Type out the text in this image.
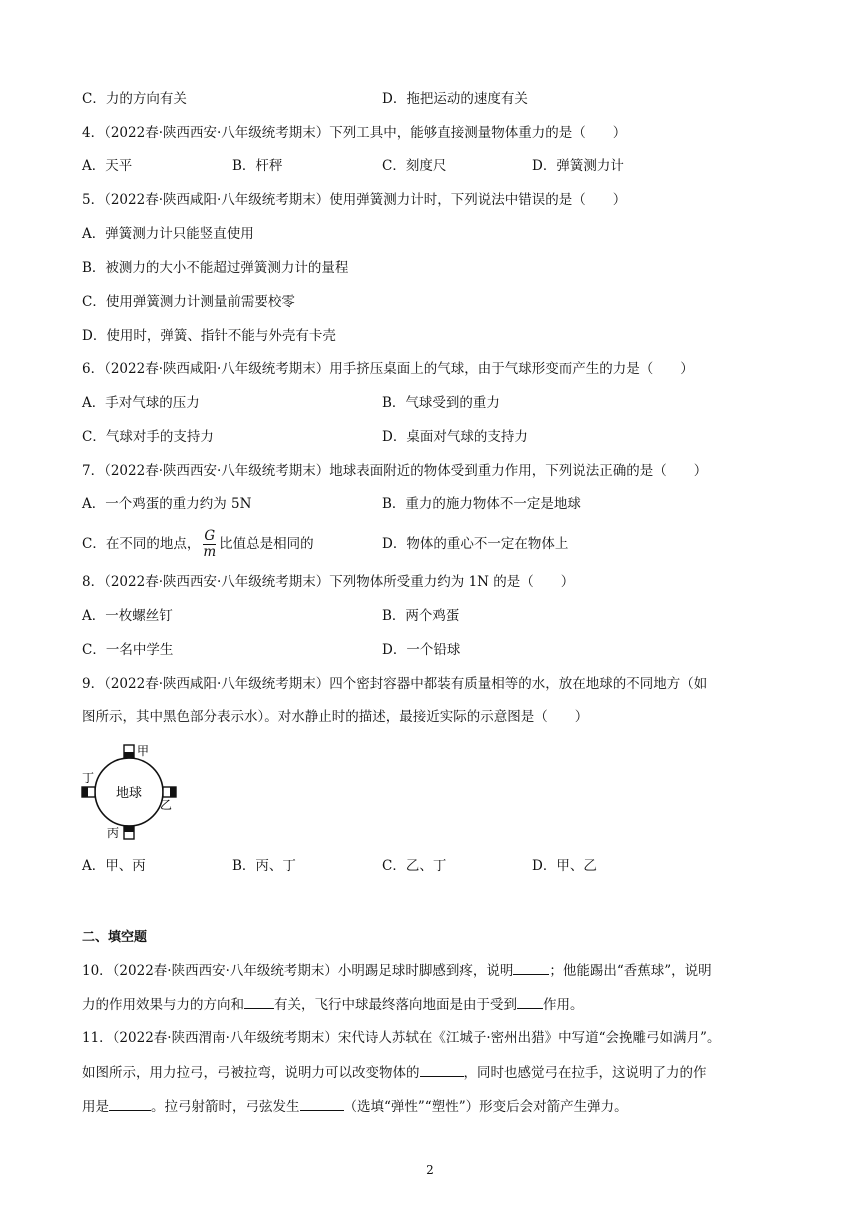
C．力的方向有关	D．拖把运动的速度有关
4．（2022春·陕西西安·八年级统考期末）下列工具中，能够直接测量物体重力的是（　　）
A．天平	B．杆秤	C．刻度尺	D．弹簧测力计
5．（2022春·陕西咸阳·八年级统考期末）使用弹簧测力计时，下列说法中错误的是（　　）
A．弹簧测力计只能竖直使用
B．被测力的大小不能超过弹簧测力计的量程
C．使用弹簧测力计测量前需要校零
D．使用时，弹簧、指针不能与外壳有卡壳
6．（2022春·陕西咸阳·八年级统考期末）用手挤压桌面上的气球，由于气球形变而产生的力是（　　）
A．手对气球的压力	B．气球受到的重力
C．气球对手的支持力	D．桌面对气球的支持力
7．（2022春·陕西西安·八年级统考期末）地球表面附近的物体受到重力作用，下列说法正确的是（　　）
A．一个鸡蛋的重力约为 5N	B．重力的施力物体不一定是地球
C．在不同的地点， $\frac{G}{m}$ 比值总是相同的	D．物体的重心不一定在物体上
8．（2022春·陕西西安·八年级统考期末）下列物体所受重力约为 1N 的是（　　）
A．一枚螺丝钉	B．两个鸡蛋
C．一名中学生	D．一个铅球
9．（2022春·陕西咸阳·八年级统考期末）四个密封容器中都装有质量相等的水，放在地球的不同地方（如
图所示，其中黑色部分表示水）。对水静止时的描述，最接近实际的示意图是（　　）
地球
甲
乙
丙
丁
A．甲、丙	B．丙、丁	C．乙、丁	D．甲、乙
二、填空题
10．（2022春·陕西西安·八年级统考期末）小明踢足球时脚感到疼，说明	；他能踢出“香蕉球”，说明
力的作用效果与力的方向和 有关，飞行中球最终落向地面是由于受到 作用。
11．（2022春·陕西渭南·八年级统考期末）宋代诗人苏轼在《江城子·密州出猎》中写道“会挽雕弓如满月”。
如图所示，用力拉弓，弓被拉弯，说明力可以改变物体的	，同时也感觉弓在拉手，这说明了力的作
用是	。拉弓射箭时，弓弦发生	（选填“弹性”“塑性”）形变后会对箭产生弹力。
2
